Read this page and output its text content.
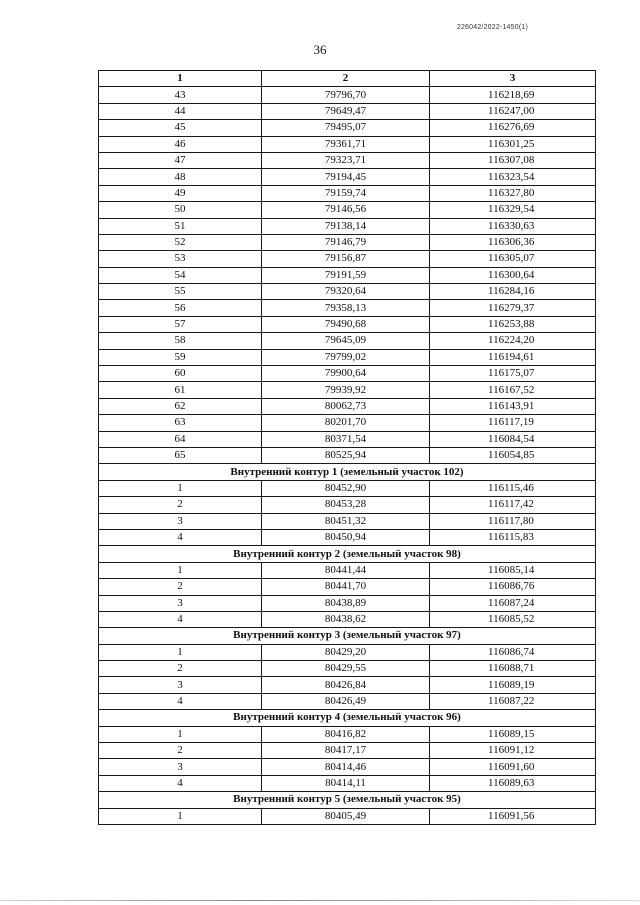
226042/2022-1450(1)
36
1	2	3
43	79796,70	116218,69
44	79649,47	116247,00
45	79495,07	116276,69
46	79361,71	116301,25
47	79323,71	116307,08
48	79194,45	116323,54
49	79159,74	116327,80
50	79146,56	116329,54
51	79138,14	116330,63
52	79146,79	116306,36
53	79156,87	116305,07
54	79191,59	116300,64
55	79320,64	116284,16
56	79358,13	116279,37
57	79490,68	116253,88
58	79645,09	116224,20
59	79799,02	116194,61
60	79900,64	116175,07
61	79939,92	116167,52
62	80062,73	116143,91
63	80201,70	116117,19
64	80371,54	116084,54
65	80525,94	116054,85
Внутренний контур 1 (земельный участок 102)		
1	80452,90	116115,46
2	80453,28	116117,42
3	80451,32	116117,80
4	80450,94	116115,83
Внутренний контур 2 (земельный участок 98)		
1	80441,44	116085,14
2	80441,70	116086,76
3	80438,89	116087,24
4	80438,62	116085,52
Внутренний контур 3 (земельный участок 97)		
1	80429,20	116086,74
2	80429,55	116088,71
3	80426,84	116089,19
4	80426,49	116087,22
Внутренний контур 4 (земельный участок 96)		
1	80416,82	116089,15
2	80417,17	116091,12
3	80414,46	116091,60
4	80414,11	116089,63
Внутренний контур 5 (земельный участок 95)		
1	80405,49	116091,56
